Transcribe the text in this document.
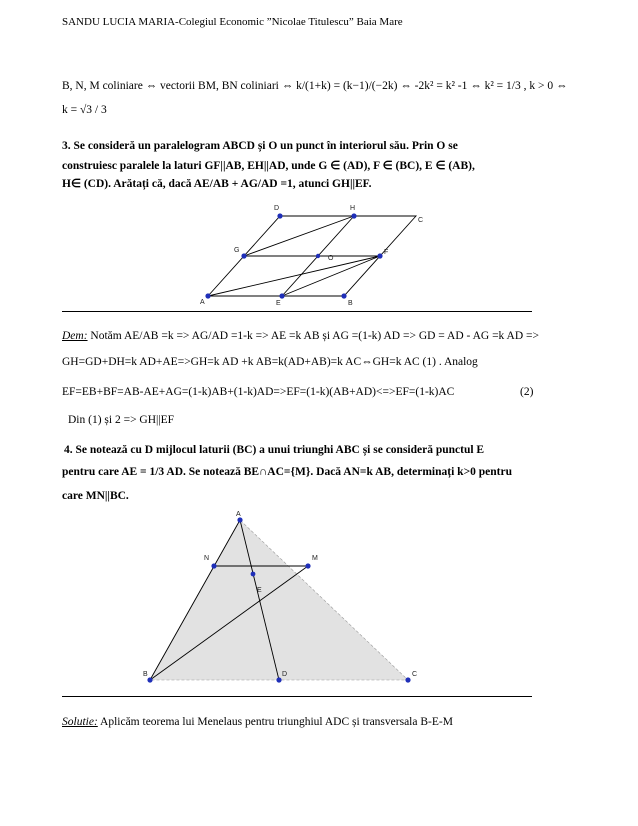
SANDU LUCIA MARIA-Colegiul Economic ”Nicolae Titulescu” Baia Mare
B, N, M coliniare ⇔ vectorii BM, BN coliniari ⇔ k/(1+k) = (k−1)/(−2k) ⇔ -2k² = k² -1 ⇔ k² = 1/3 , k > 0 ⇔
k = √3 / 3
3. Se consideră un paralelogram ABCD și O un punct în interiorul său. Prin O se
construiesc paralele la laturi GF||AB, EH||AD, unde G ∈ (AD), F ∈ (BC), E ∈ (AB),
H∈ (CD). Arătați că, dacă AE/AB + AG/AD =1, atunci GH||EF.
A	B
C
D
E
F
G
H
O
Dem: Notăm AE/AB =k => AG/AD =1-k => AE =k AB și AG =(1-k) AD => GD = AD - AG =k AD =>
GH=GD+DH=k AD+AE=>GH=k AD +k AB=k(AD+AB)=k AC⇔GH=k AC (1) . Analog
EF=EB+BF=AB-AE+AG=(1-k)AB+(1-k)AD=>EF=(1-k)(AB+AD)<=>EF=(1-k)AC	(2)
Din (1) și 2 => GH||EF
4. Se notează cu D mijlocul laturii (BC) a unui triunghi ABC și se consideră punctul E
pentru care AE = 1/3 AD. Se notează BE∩AC={M}. Dacă AN=k AB, determinați k>0 pentru
care MN||BC.
A
B	C
D
E
M
N
Solutie: Aplicăm teorema lui Menelaus pentru triunghiul ADC și transversala B-E-M
